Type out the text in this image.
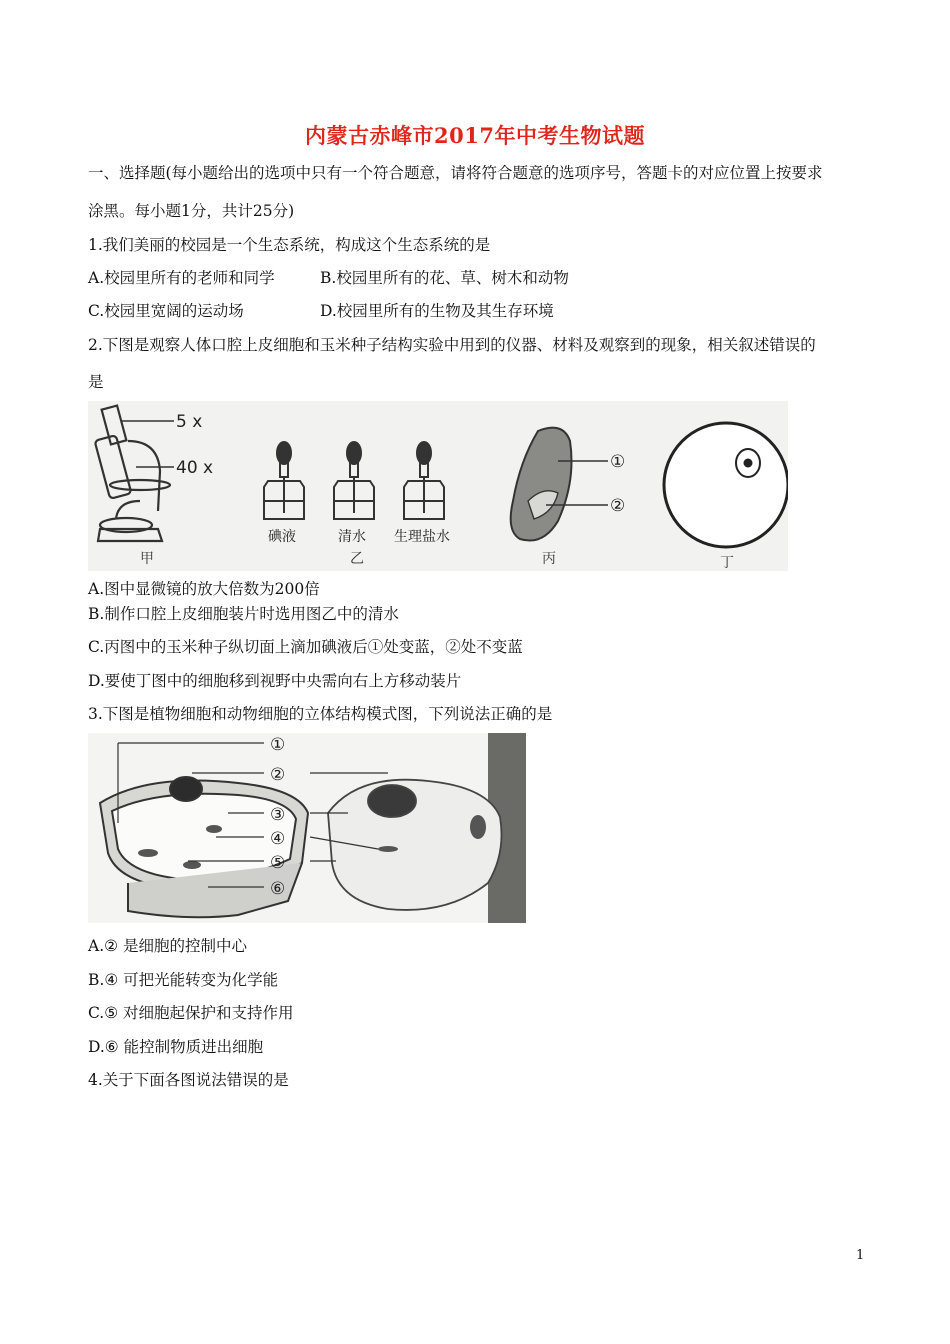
内蒙古赤峰市2017年中考生物试题
一、选择题(每小题给出的选项中只有一个符合题意，请将符合题意的选项序号，答题卡的对应位置上按要求
涂黑。每小题1分，共计25分)
1.我们美丽的校园是一个生态系统，构成这个生态系统的是
A.校园里所有的老师和同学	B.校园里所有的花、草、树木和动物
C.校园里宽阔的运动场	D.校园里所有的生物及其生存环境
2.下图是观察人体口腔上皮细胞和玉米种子结构实验中用到的仪器、材料及观察到的现象，相关叙述错误的
是
5 x
40 x
甲
碘液	清水 生理盐水
乙
①
②
丙	丁
A.图中显微镜的放大倍数为200倍
B.制作口腔上皮细胞装片时选用图乙中的清水
C.丙图中的玉米种子纵切面上滴加碘液后①处变蓝，②处不变蓝
D.要使丁图中的细胞移到视野中央需向右上方移动装片
3.下图是植物细胞和动物细胞的立体结构模式图，下列说法正确的是
①
②
③
④
⑤
⑥
A.② 是细胞的控制中心
B.④ 可把光能转变为化学能
C.⑤ 对细胞起保护和支持作用
D.⑥ 能控制物质进出细胞
4.关于下面各图说法错误的是
1
